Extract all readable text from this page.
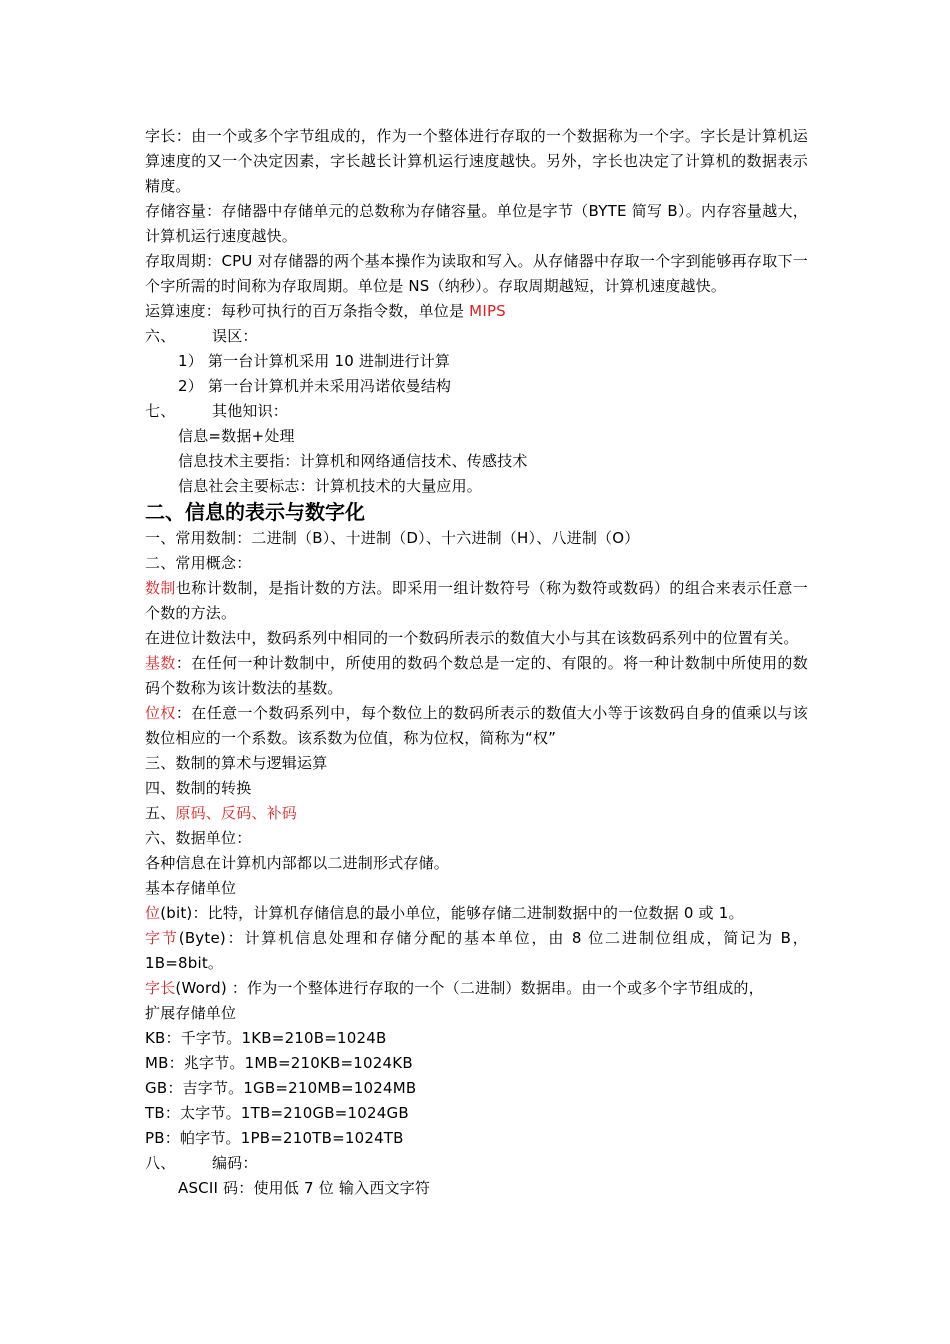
字长：由一个或多个字节组成的，作为一个整体进行存取的一个数据称为一个字。字长是计算机运算速度的又一个决定因素，字长越长计算机运行速度越快。另外，字长也决定了计算机的数据表示精度。

存储容量：存储器中存储单元的总数称为存储容量。单位是字节（BYTE 简写 B）。内存容量越大，计算机运行速度越快。

存取周期：CPU 对存储器的两个基本操作为读取和写入。从存储器中存取一个字到能够再存取下一个字所需的时间称为存取周期。单位是 NS（纳秒）。存取周期越短，计算机速度越快。

运算速度：每秒可执行的百万条指令数，单位是 MIPS

六、 误区：

1） 第一台计算机采用 10 进制进行计算

2） 第一台计算机并未采用冯诺依曼结构

七、 其他知识：

信息=数据+处理

信息技术主要指：计算机和网络通信技术、传感技术

信息社会主要标志：计算机技术的大量应用。

二、信息的表示与数字化

一、常用数制：二进制（B）、十进制（D）、十六进制（H）、八进制（O）

二、常用概念：

数制也称计数制，是指计数的方法。即采用一组计数符号（称为数符或数码）的组合来表示任意一个数的方法。

在进位计数法中，数码系列中相同的一个数码所表示的数值大小与其在该数码系列中的位置有关。

基数：在任何一种计数制中，所使用的数码个数总是一定的、有限的。将一种计数制中所使用的数码个数称为该计数法的基数。

位权：在任意一个数码系列中，每个数位上的数码所表示的数值大小等于该数码自身的值乘以与该数位相应的一个系数。该系数为位值，称为位权，简称为“权”

三、数制的算术与逻辑运算

四、数制的转换

五、原码、反码、补码

六、数据单位：

各种信息在计算机内部都以二进制形式存储。

基本存储单位

位(bit)：比特，计算机存储信息的最小单位，能够存储二进制数据中的一位数据 0 或 1。

字节(Byte)：计算机信息处理和存储分配的基本单位，由 8 位二进制位组成，简记为 B，1B=8bit。

字长(Word) ：作为一个整体进行存取的一个（二进制）数据串。由一个或多个字节组成的，

扩展存储单位

KB：千字节。1KB=210B=1024B

MB：兆字节。1MB=210KB=1024KB

GB：吉字节。1GB=210MB=1024MB

TB：太字节。1TB=210GB=1024GB

PB：帕字节。1PB=210TB=1024TB

八、 编码：

ASCII 码：使用低 7 位 输入西文字符
